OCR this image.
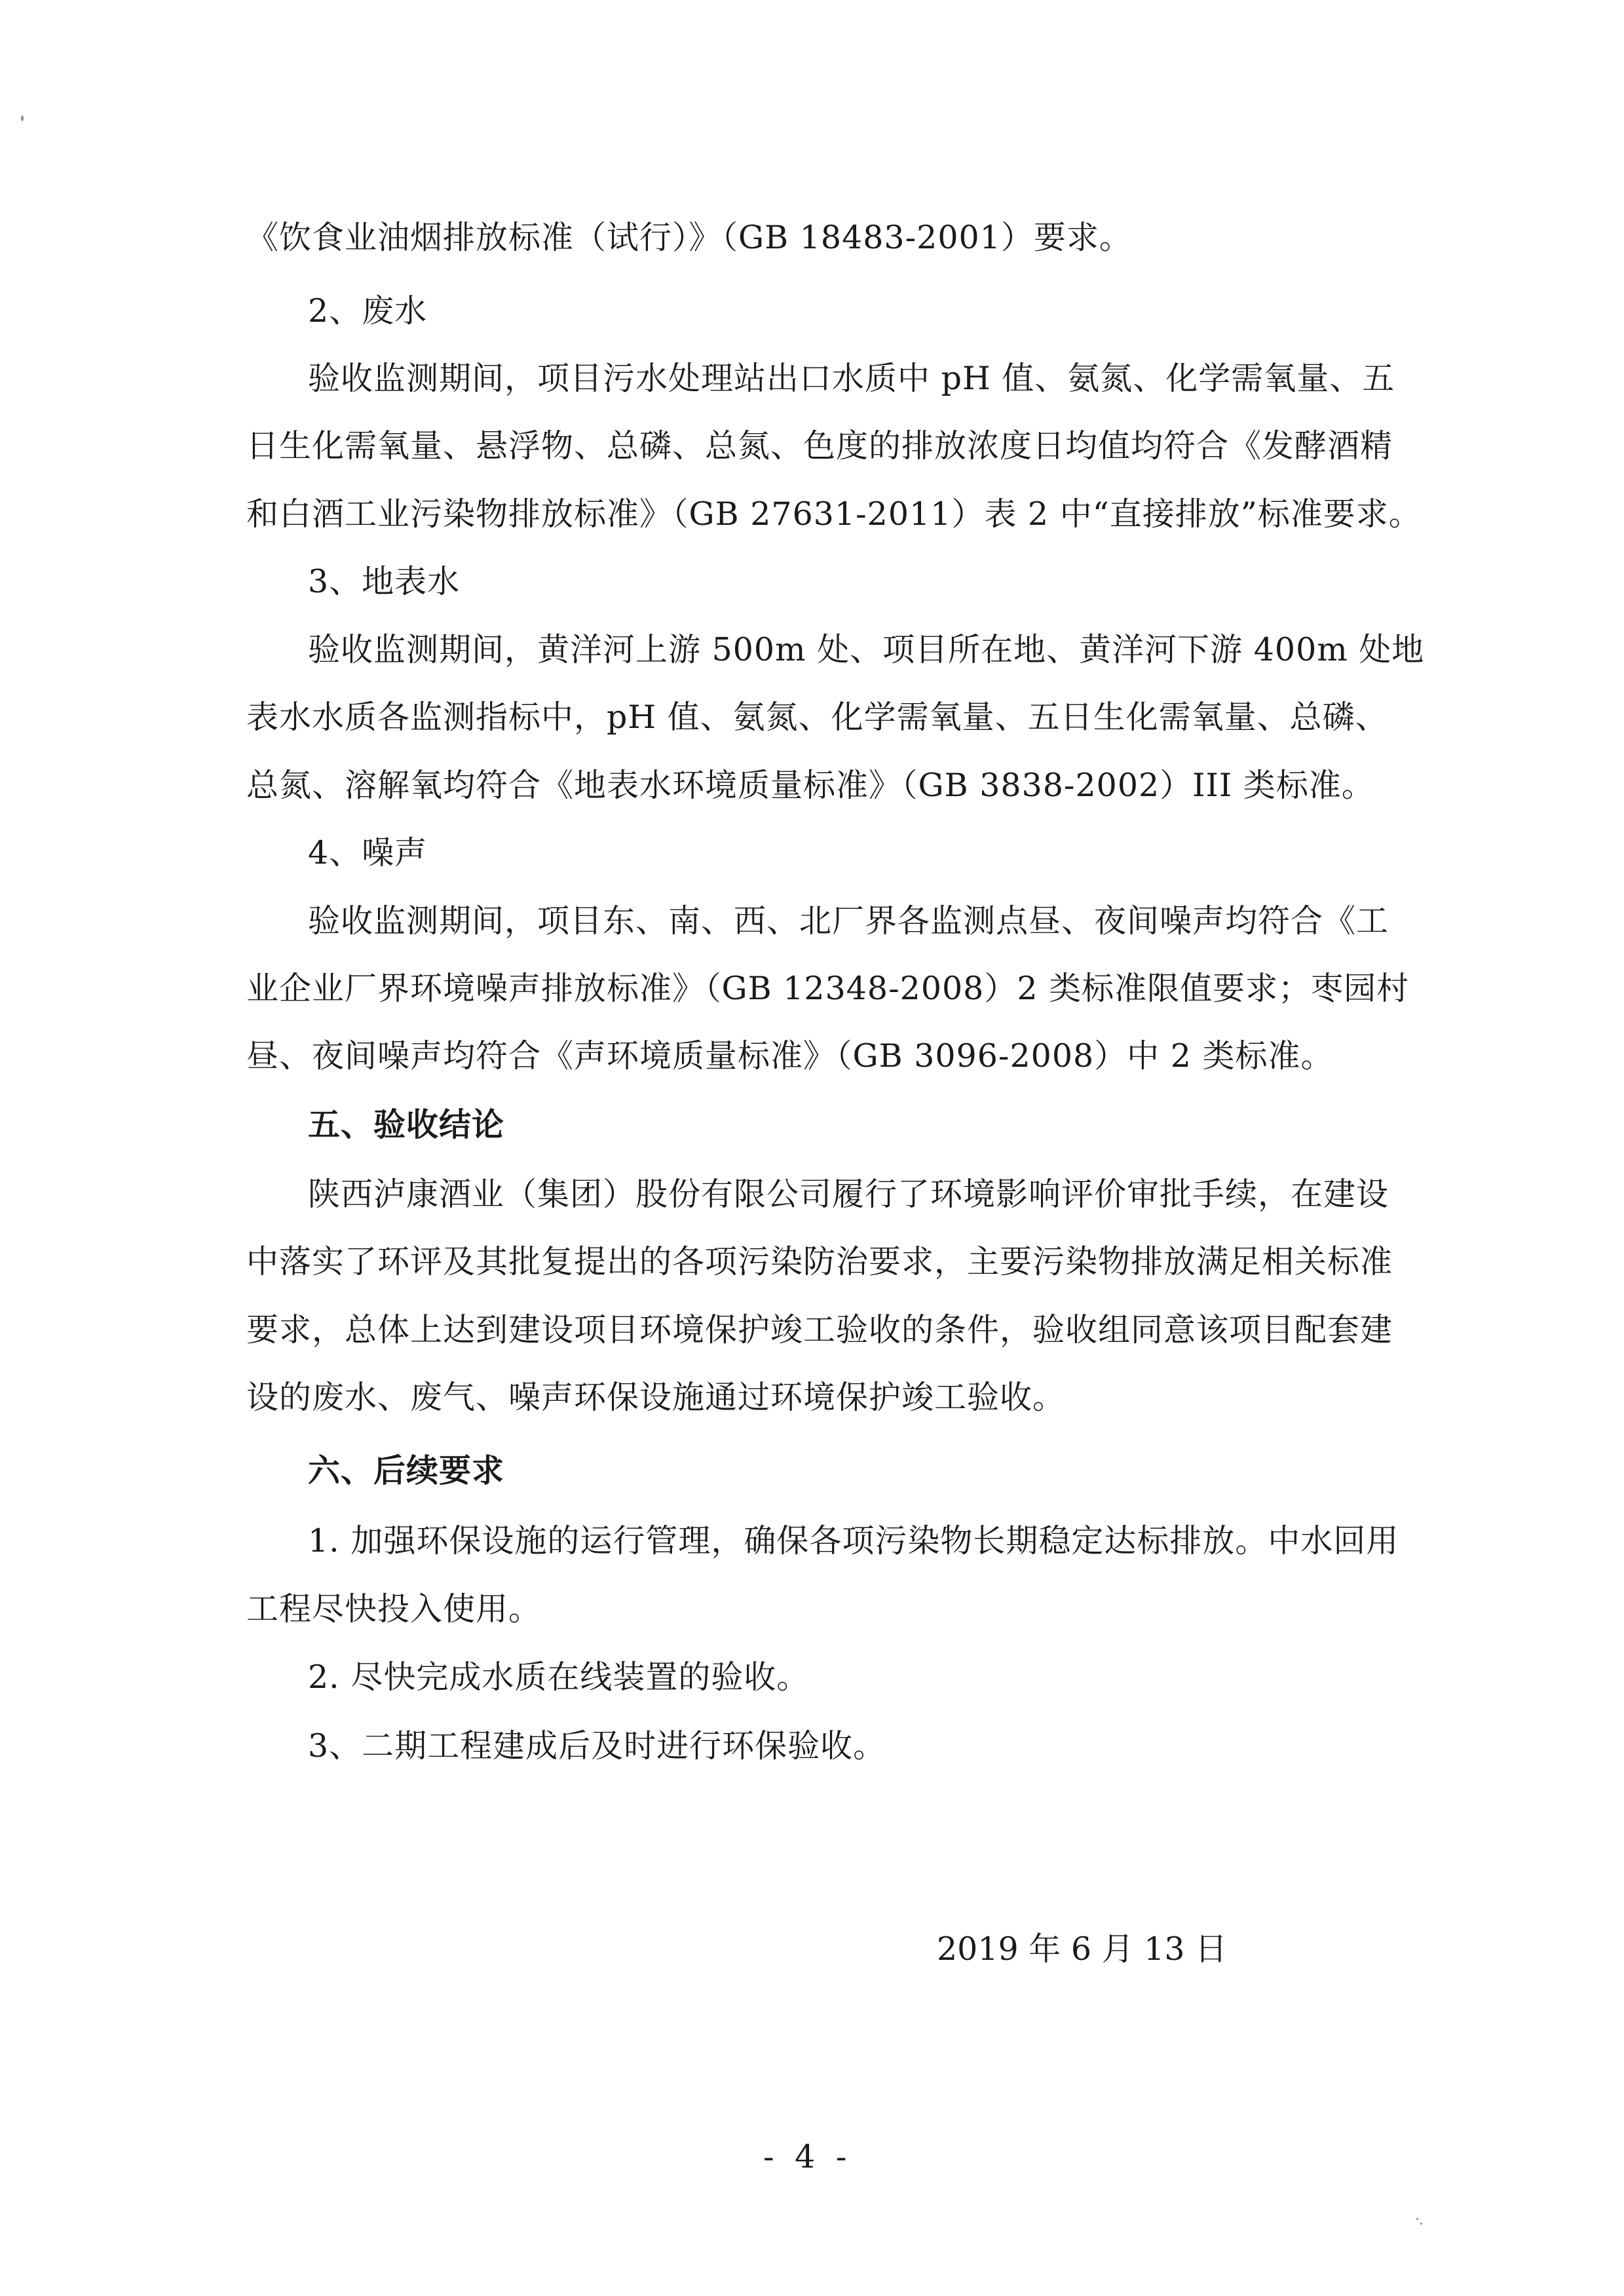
《饮食业油烟排放标准（试行）》（GB 18483-2001）要求。
2、废水
验收监测期间，项目污水处理站出口水质中 pH 值、氨氮、化学需氧量、五
日生化需氧量、悬浮物、总磷、总氮、色度的排放浓度日均值均符合《发酵酒精
和白酒工业污染物排放标准》（GB 27631-2011）表 2 中“直接排放”标准要求。
3、地表水
验收监测期间，黄洋河上游 500m 处、项目所在地、黄洋河下游 400m 处地
表水水质各监测指标中，pH 值、氨氮、化学需氧量、五日生化需氧量、总磷、
总氮、溶解氧均符合《地表水环境质量标准》（GB 3838-2002）III 类标准。
4、噪声
验收监测期间，项目东、南、西、北厂界各监测点昼、夜间噪声均符合《工
业企业厂界环境噪声排放标准》（GB 12348-2008）2 类标准限值要求；枣园村
昼、夜间噪声均符合《声环境质量标准》（GB 3096-2008）中 2 类标准。
五、验收结论
陕西泸康酒业（集团）股份有限公司履行了环境影响评价审批手续，在建设
中落实了环评及其批复提出的各项污染防治要求，主要污染物排放满足相关标准
要求，总体上达到建设项目环境保护竣工验收的条件，验收组同意该项目配套建
设的废水、废气、噪声环保设施通过环境保护竣工验收。
六、后续要求
1. 加强环保设施的运行管理，确保各项污染物长期稳定达标排放。中水回用
工程尽快投入使用。
2. 尽快完成水质在线装置的验收。
3、二期工程建成后及时进行环保验收。
2019 年 6 月 13 日
- 4 -
